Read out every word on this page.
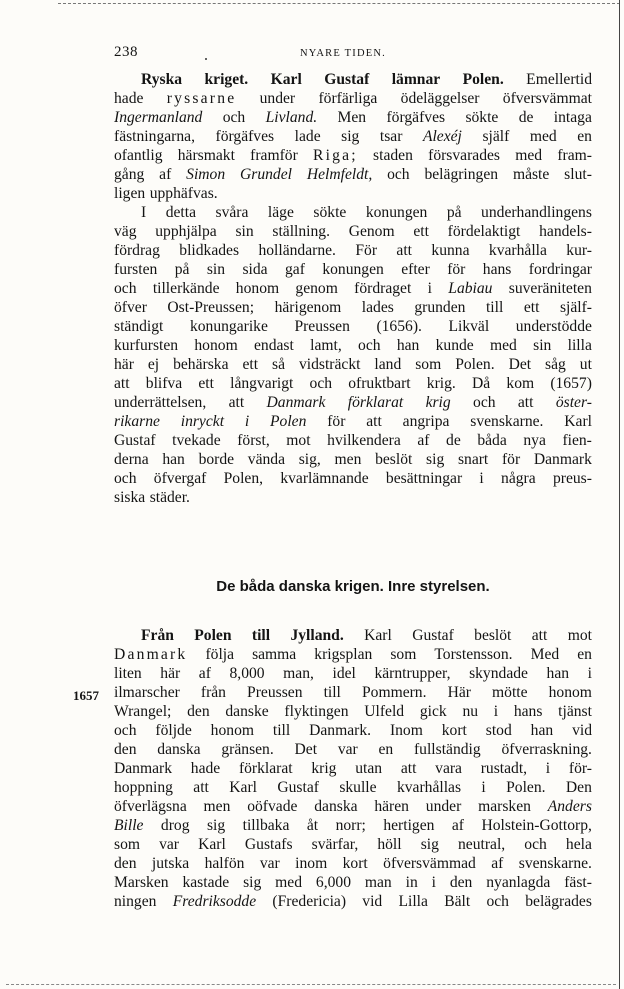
238	NYARE TIDEN.
Ryska kriget. Karl Gustaf lämnar Polen. Emellertid
hade ryssarne under förfärliga ödeläggelser öfversvämmat
Ingermanland och Livland. Men förgäfves sökte de intaga
fästningarna, förgäfves lade sig tsar Alexéj själf med en
ofantlig härsmakt framför Riga; staden försvarades med fram-
gång af Simon Grundel Helmfeldt, och belägringen måste slut-
ligen upphäfvas.
I detta svåra läge sökte konungen på underhandlingens
väg upphjälpa sin ställning. Genom ett fördelaktigt handels-
fördrag blidkades holländarne. För att kunna kvarhålla kur-
fursten på sin sida gaf konungen efter för hans fordringar
och tillerkände honom genom fördraget i Labiau suveräniteten
öfver Ost-Preussen; härigenom lades grunden till ett själf-
ständigt konungarike Preussen (1656). Likväl understödde
kurfursten honom endast lamt, och han kunde med sin lilla
här ej behärska ett så vidsträckt land som Polen. Det såg ut
att blifva ett långvarigt och ofruktbart krig. Då kom (1657)
underrättelsen, att Danmark förklarat krig och att öster-
rikarne inryckt i Polen för att angripa svenskarne. Karl
Gustaf tvekade först, mot hvilkendera af de båda nya fien-
derna han borde vända sig, men beslöt sig snart för Danmark
och öfvergaf Polen, kvarlämnande besättningar i några preus-
siska städer.
De båda danska krigen. Inre styrelsen.
Från Polen till Jylland. Karl Gustaf beslöt att mot
Danmark följa samma krigsplan som Torstensson. Med en
liten här af 8,000 man, idel kärntrupper, skyndade han i
ilmarscher från Preussen till Pommern. Här mötte honom
Wrangel; den danske flyktingen Ulfeld gick nu i hans tjänst
och följde honom till Danmark. Inom kort stod han vid
den danska gränsen. Det var en fullständig öfverraskning.
Danmark hade förklarat krig utan att vara rustadt, i för-
hoppning att Karl Gustaf skulle kvarhållas i Polen. Den
öfverlägsna men oöfvade danska hären under marsken Anders
Bille drog sig tillbaka åt norr; hertigen af Holstein-Gottorp,
som var Karl Gustafs svärfar, höll sig neutral, och hela
den jutska halfön var inom kort öfversvämmad af svenskarne.
Marsken kastade sig med 6,000 man in i den nyanlagda fäst-
ningen Fredriksodde (Fredericia) vid Lilla Bält och belägrades
1657
